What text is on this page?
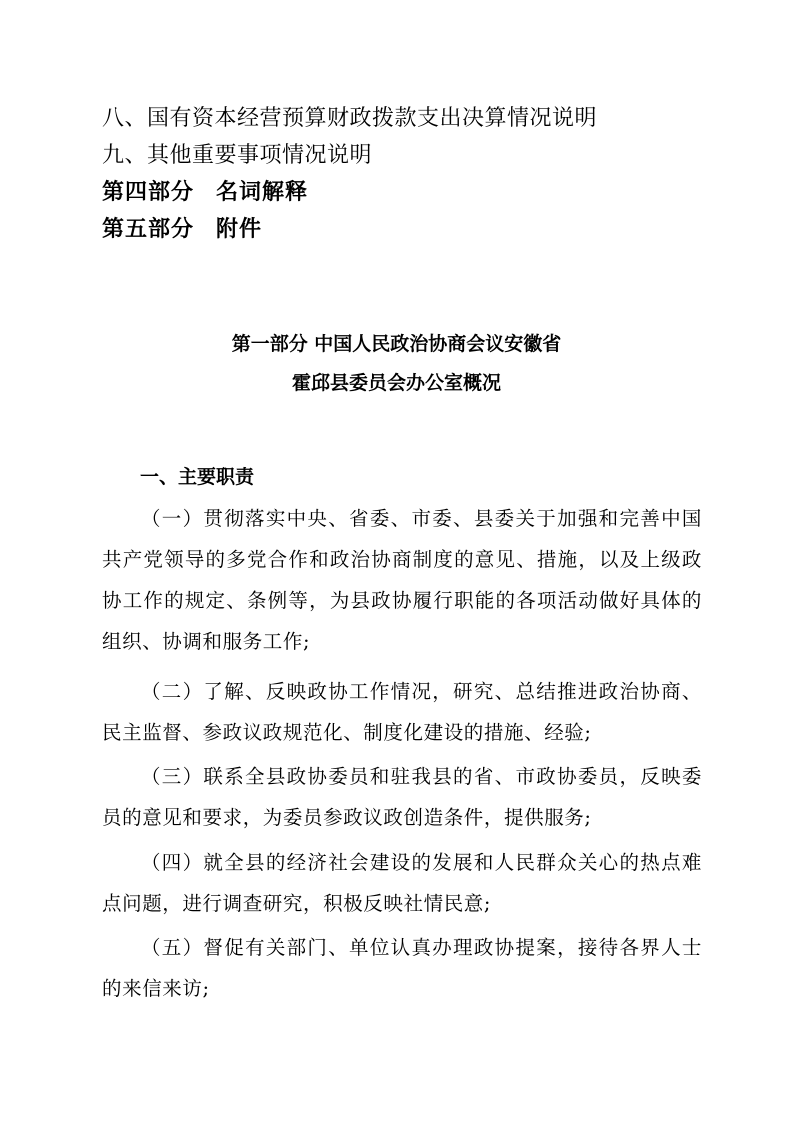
八、国有资本经营预算财政拨款支出决算情况说明
九、其他重要事项情况说明
第四部分 名词解释
第五部分 附件
第一部分 中国人民政治协商会议安徽省
霍邱县委员会办公室概况
一、主要职责
（一）贯彻落实中央、省委、市委、县委关于加强和完善中国共产党领导的多党合作和政治协商制度的意见、措施，以及上级政协工作的规定、条例等，为县政协履行职能的各项活动做好具体的组织、协调和服务工作;
（二）了解、反映政协工作情况，研究、总结推进政治协商、民主监督、参政议政规范化、制度化建设的措施、经验;
（三）联系全县政协委员和驻我县的省、市政协委员，反映委员的意见和要求，为委员参政议政创造条件，提供服务;
（四）就全县的经济社会建设的发展和人民群众关心的热点难点问题，进行调查研究，积极反映社情民意;
（五）督促有关部门、单位认真办理政协提案，接待各界人士的来信来访;
